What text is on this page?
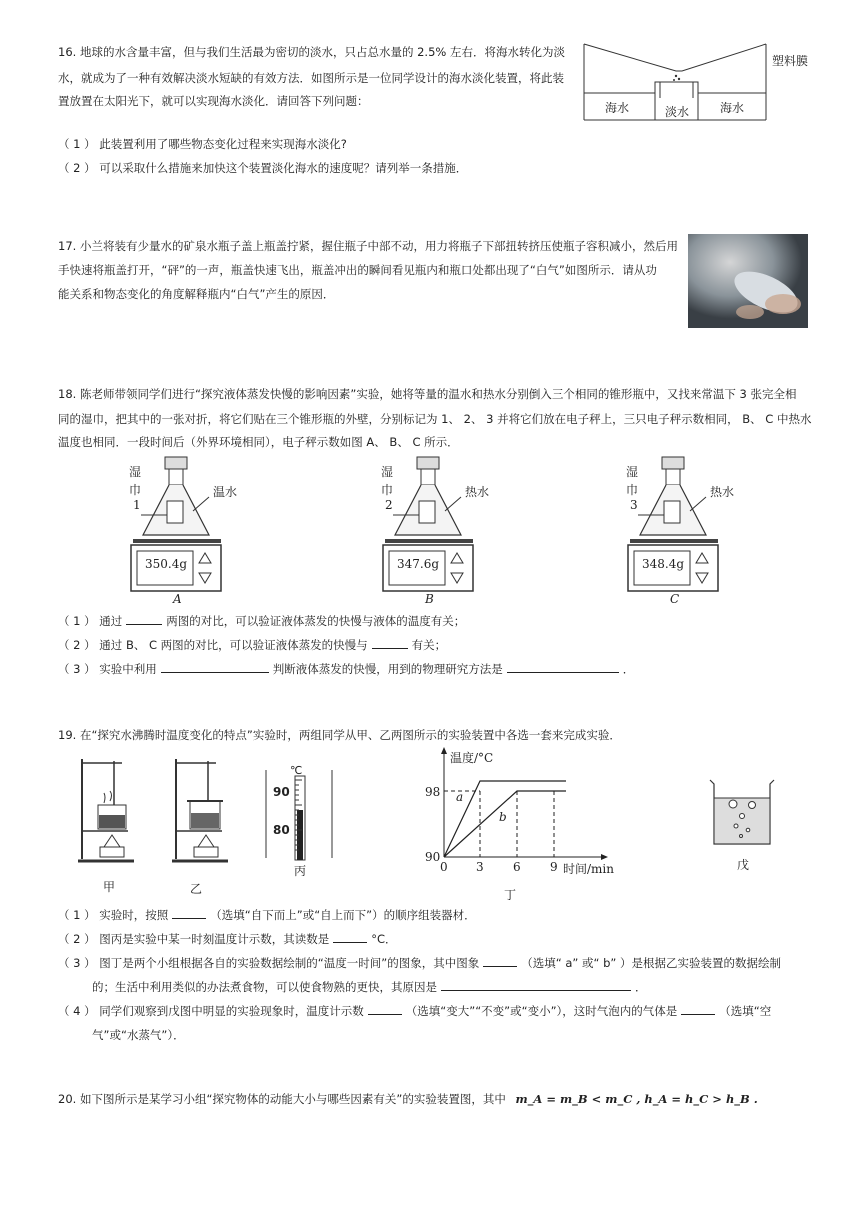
16. 地球的水含量丰富，但与我们生活最为密切的淡水，只占总水量的 2.5% 左右．将海水转化为淡
水，就成为了一种有效解决淡水短缺的有效方法．如图所示是一位同学设计的海水淡化装置，将此装
置放置在太阳光下，就可以实现海水淡化．请回答下列问题：
（ 1 ） 此装置利用了哪些物态变化过程来实现海水淡化?
（ 2 ） 可以采取什么措施来加快这个装置淡化海水的速度呢？请列举一条措施．
塑料膜
海水	淡水	海水
17. 小兰将装有少量水的矿泉水瓶子盖上瓶盖拧紧，握住瓶子中部不动，用力将瓶子下部扭转挤压使瓶子容积减小，然后用
手快速将瓶盖打开，“砰”的一声，瓶盖快速飞出，瓶盖冲出的瞬间看见瓶内和瓶口处都出现了“白气”如图所示．请从功
能关系和物态变化的角度解释瓶内“白气”产生的原因．
18. 陈老师带领同学们进行“探究液体蒸发快慢的影响因素”实验，她将等量的温水和热水分别倒入三个相同的锥形瓶中，又找来常温下 3 张完全相
同的湿巾，把其中的一张对折，将它们贴在三个锥形瓶的外壁，分别标记为 1、 2、 3 并将它们放在电子秤上，三只电子秤示数相同， B、 C 中热水
温度也相同．一段时间后（外界环境相同），电子秤示数如图 A、 B、 C 所示．
湿
巾
1
温水
350.4g
A
湿
巾
2
热水
347.6g
B
湿
巾
3
热水
348.4g
C
（ 1 ） 通过	两图的对比，可以验证液体蒸发的快慢与液体的温度有关；
（ 2 ） 通过 B、 C 两图的对比，可以验证液体蒸发的快慢与	有关；
（ 3 ） 实验中利用	判断液体蒸发的快慢，用到的物理研究方法是	．
19. 在“探究水沸腾时温度变化的特点”实验时，两组同学从甲、乙两图所示的实验装置中各选一套来完成实验．
甲	乙
℃
90
80
丙
温度/°C
98
90
0 3 6 9 时间/min
a
b
丁
戊
（ 1 ） 实验时，按照	（选填“自下而上”或“自上而下”）的顺序组装器材．
（ 2 ） 图丙是实验中某一时刻温度计示数，其读数是	°C．
（ 3 ） 图丁是两个小组根据各自的实验数据绘制的“温度一时间”的图象，其中图象	（选填“ a” 或“ b” ）是根据乙实验装置的数据绘制
的；生活中利用类似的办法煮食物，可以使食物熟的更快，其原因是	．
（ 4 ） 同学们观察到戊图中明显的实验现象时，温度计示数	（选填“变大”“不变”或“变小”），这时气泡内的气体是	（选填“空
气”或“水蒸气”）．
20. 如下图所示是某学习小组“探究物体的动能大小与哪些因素有关”的实验装置图，其中 m_A = m_B < m_C , h_A = h_C > h_B .
